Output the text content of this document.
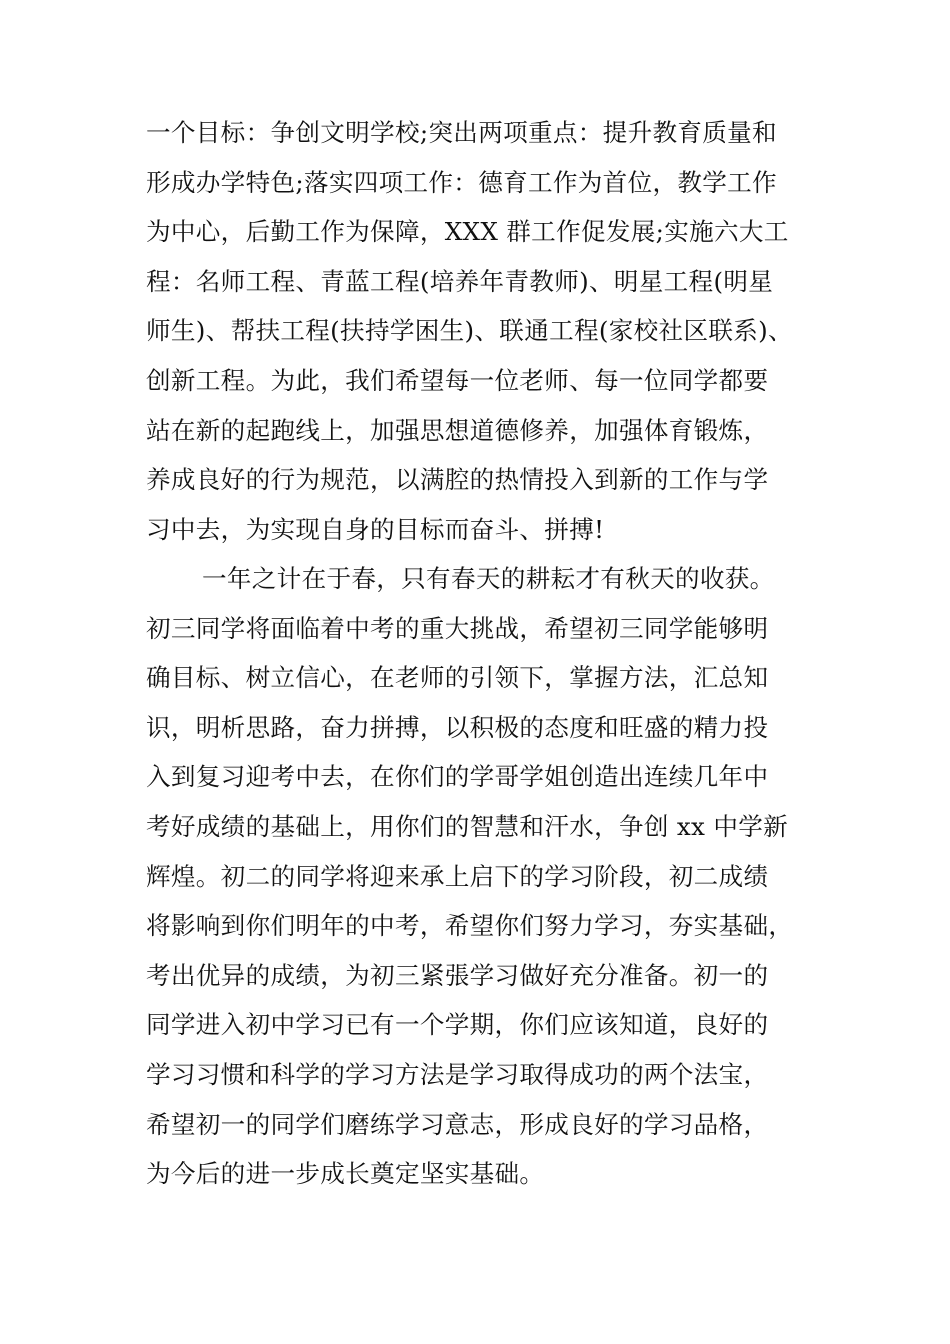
一个目标：争创文明学校;突出两项重点：提升教育质量和
形成办学特色;落实四项工作：德育工作为首位，教学工作
为中心，后勤工作为保障，XXX 群工作促发展;实施六大工
程：名师工程、青蓝工程(培养年青教师)、明星工程(明星
师生)、帮扶工程(扶持学困生)、联通工程(家校社区联系)、
创新工程。为此，我们希望每一位老师、每一位同学都要
站在新的起跑线上，加强思想道德修养，加强体育锻炼，
养成良好的行为规范，以满腔的热情投入到新的工作与学
习中去，为实现自身的目标而奋斗、拼搏!
一年之计在于春，只有春天的耕耘才有秋天的收获。
初三同学将面临着中考的重大挑战，希望初三同学能够明
确目标、树立信心，在老师的引领下，掌握方法，汇总知
识，明析思路，奋力拼搏，以积极的态度和旺盛的精力投
入到复习迎考中去，在你们的学哥学姐创造出连续几年中
考好成绩的基础上，用你们的智慧和汗水，争创 xx 中学新
辉煌。初二的同学将迎来承上启下的学习阶段，初二成绩
将影响到你们明年的中考，希望你们努力学习，夯实基础，
考出优异的成绩，为初三紧張学习做好充分准备。初一的
同学进入初中学习已有一个学期，你们应该知道，良好的
学习习惯和科学的学习方法是学习取得成功的两个法宝，
希望初一的同学们磨练学习意志，形成良好的学习品格，
为今后的进一步成长奠定坚实基础。
